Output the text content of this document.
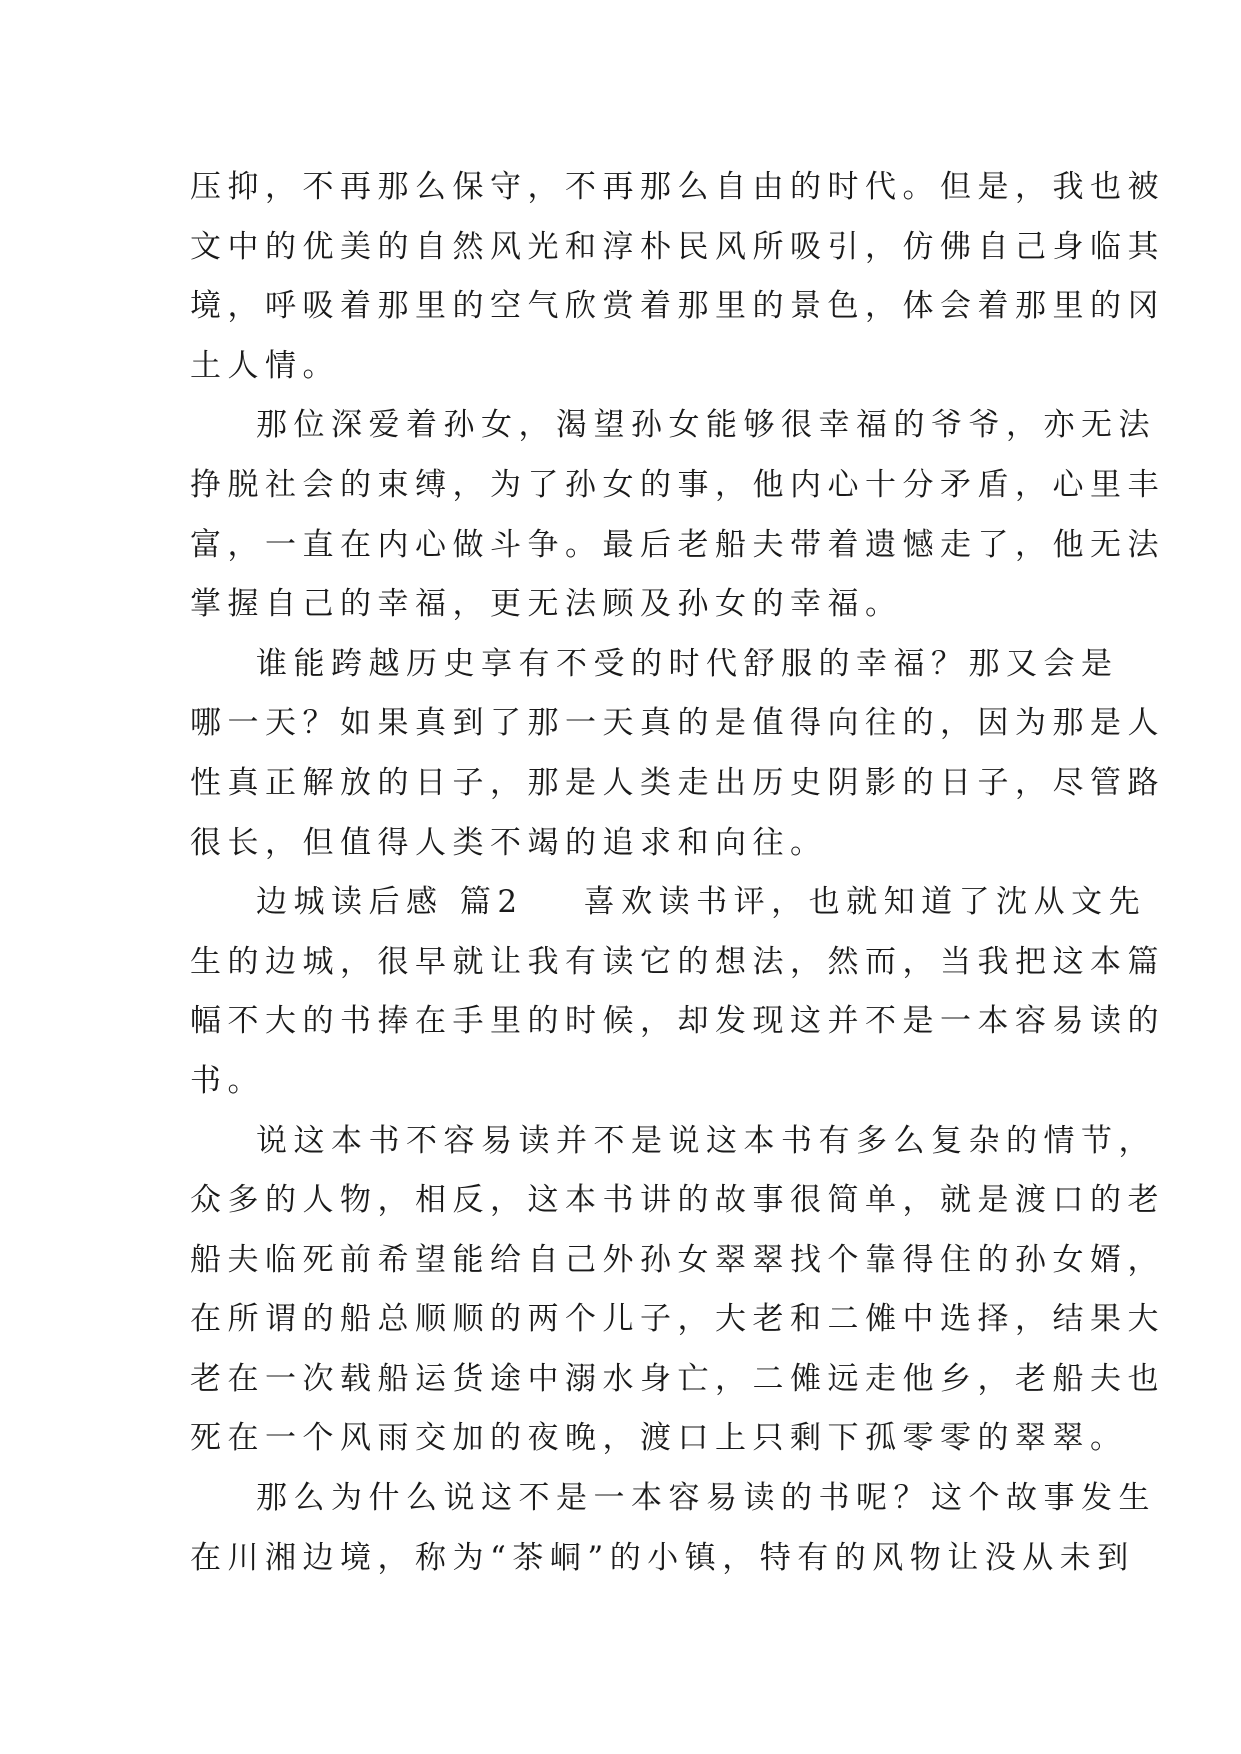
压抑，不再那么保守，不再那么自由的时代。但是，我也被
文中的优美的自然风光和淳朴民风所吸引，仿佛自己身临其
境，呼吸着那里的空气欣赏着那里的景色，体会着那里的冈
土人情。
那位深爱着孙女，渴望孙女能够很幸福的爷爷，亦无法
挣脱社会的束缚，为了孙女的事，他内心十分矛盾，心里丰
富，一直在内心做斗争。最后老船夫带着遗憾走了，他无法
掌握自己的幸福，更无法顾及孙女的幸福。
谁能跨越历史享有不受的时代舒服的幸福？那又会是
哪一天？如果真到了那一天真的是值得向往的，因为那是人
性真正解放的日子，那是人类走出历史阴影的日子，尽管路
很长，但值得人类不竭的追求和向往。
边城读后感 篇2 喜欢读书评，也就知道了沈从文先
生的边城，很早就让我有读它的想法，然而，当我把这本篇
幅不大的书捧在手里的时候，却发现这并不是一本容易读的
书。
说这本书不容易读并不是说这本书有多么复杂的情节，
众多的人物，相反，这本书讲的故事很简单，就是渡口的老
船夫临死前希望能给自己外孙女翠翠找个靠得住的孙女婿，
在所谓的船总顺顺的两个儿子，大老和二傩中选择，结果大
老在一次载船运货途中溺水身亡，二傩远走他乡，老船夫也
死在一个风雨交加的夜晚，渡口上只剩下孤零零的翠翠。
那么为什么说这不是一本容易读的书呢？这个故事发生
在川湘边境，称为“茶峒”的小镇，特有的风物让没从未到
